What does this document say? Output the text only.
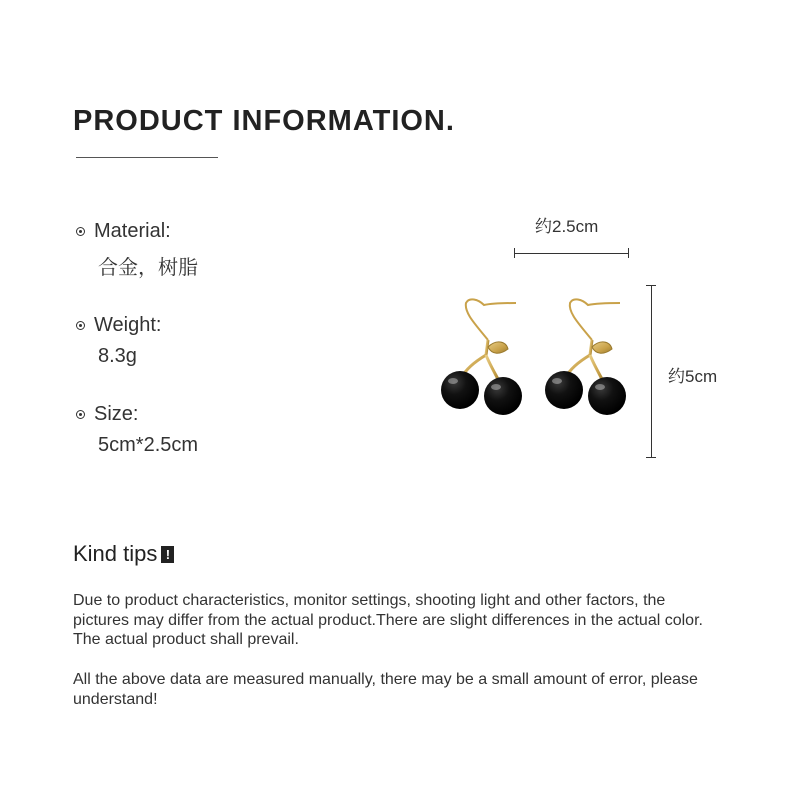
PRODUCT INFORMATION.
Material:
合金，树脂
Weight:
8.3g
Size:
5cm*2.5cm
约2.5cm
约5cm
Kind tips !

Due to product characteristics, monitor settings, shooting light and other factors, the pictures may differ from the actual product.There are slight differences in the actual color. The actual product shall prevail.

All the above data are measured manually, there may be a small amount of error, please understand!
